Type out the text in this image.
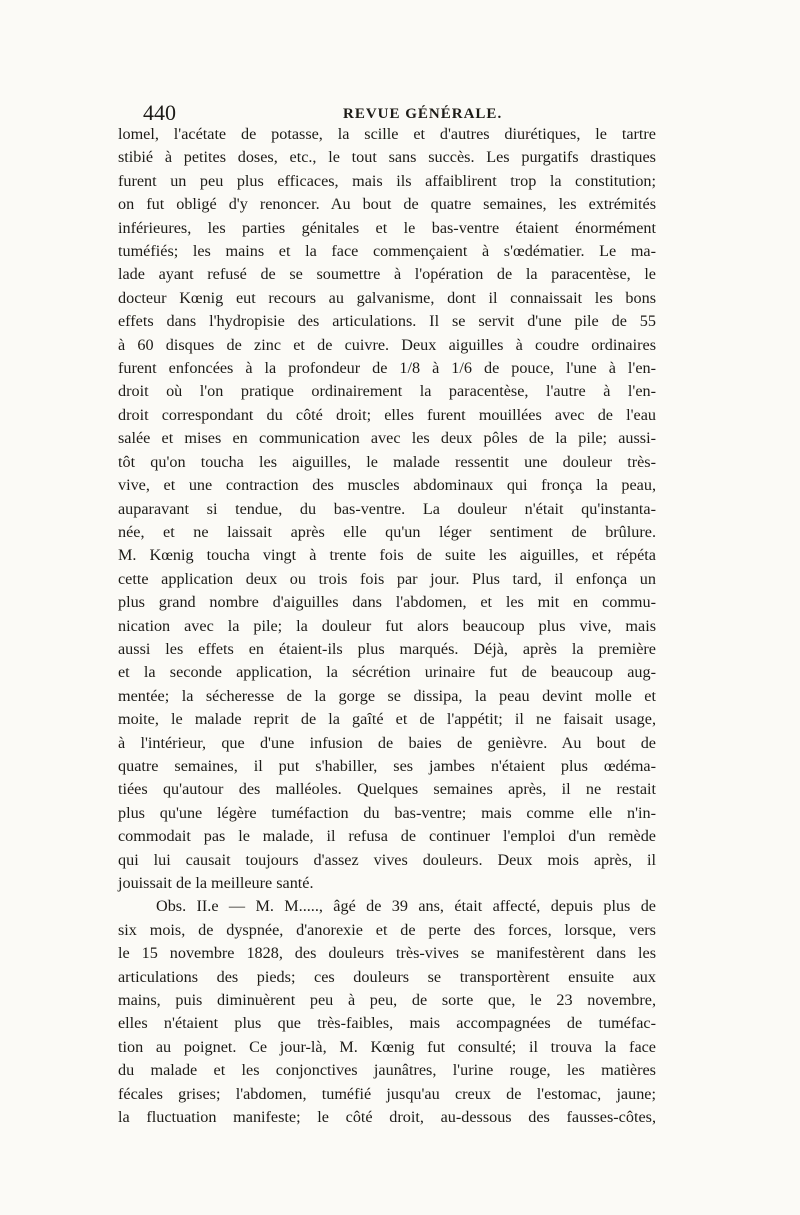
440	REVUE GÉNÉRALE.
lomel, l'acétate de potasse, la scille et d'autres diurétiques, le tartre
stibié à petites doses, etc., le tout sans succès. Les purgatifs drastiques
furent un peu plus efficaces, mais ils affaiblirent trop la constitution;
on fut obligé d'y renoncer. Au bout de quatre semaines, les extrémités
inférieures, les parties génitales et le bas-ventre étaient énormément
tuméfiés; les mains et la face commençaient à s'œdématier. Le ma-
lade ayant refusé de se soumettre à l'opération de la paracentèse, le
docteur Kœnig eut recours au galvanisme, dont il connaissait les bons
effets dans l'hydropisie des articulations. Il se servit d'une pile de 55
à 60 disques de zinc et de cuivre. Deux aiguilles à coudre ordinaires
furent enfoncées à la profondeur de 1/8 à 1/6 de pouce, l'une à l'en-
droit où l'on pratique ordinairement la paracentèse, l'autre à l'en-
droit correspondant du côté droit; elles furent mouillées avec de l'eau
salée et mises en communication avec les deux pôles de la pile; aussi-
tôt qu'on toucha les aiguilles, le malade ressentit une douleur très-
vive, et une contraction des muscles abdominaux qui fronça la peau,
auparavant si tendue, du bas-ventre. La douleur n'était qu'instanta-
née, et ne laissait après elle qu'un léger sentiment de brûlure.
M. Kœnig toucha vingt à trente fois de suite les aiguilles, et répéta
cette application deux ou trois fois par jour. Plus tard, il enfonça un
plus grand nombre d'aiguilles dans l'abdomen, et les mit en commu-
nication avec la pile; la douleur fut alors beaucoup plus vive, mais
aussi les effets en étaient-ils plus marqués. Déjà, après la première
et la seconde application, la sécrétion urinaire fut de beaucoup aug-
mentée; la sécheresse de la gorge se dissipa, la peau devint molle et
moite, le malade reprit de la gaîté et de l'appétit; il ne faisait usage,
à l'intérieur, que d'une infusion de baies de genièvre. Au bout de
quatre semaines, il put s'habiller, ses jambes n'étaient plus œdéma-
tiées qu'autour des malléoles. Quelques semaines après, il ne restait
plus qu'une légère tuméfaction du bas-ventre; mais comme elle n'in-
commodait pas le malade, il refusa de continuer l'emploi d'un remède
qui lui causait toujours d'assez vives douleurs. Deux mois après, il
jouissait de la meilleure santé.
Obs. II.e — M. M....., âgé de 39 ans, était affecté, depuis plus de
six mois, de dyspnée, d'anorexie et de perte des forces, lorsque, vers
le 15 novembre 1828, des douleurs très-vives se manifestèrent dans les
articulations des pieds; ces douleurs se transportèrent ensuite aux
mains, puis diminuèrent peu à peu, de sorte que, le 23 novembre,
elles n'étaient plus que très-faibles, mais accompagnées de tuméfac-
tion au poignet. Ce jour-là, M. Kœnig fut consulté; il trouva la face
du malade et les conjonctives jaunâtres, l'urine rouge, les matières
fécales grises; l'abdomen, tuméfié jusqu'au creux de l'estomac, jaune;
la fluctuation manifeste; le côté droit, au-dessous des fausses-côtes,
